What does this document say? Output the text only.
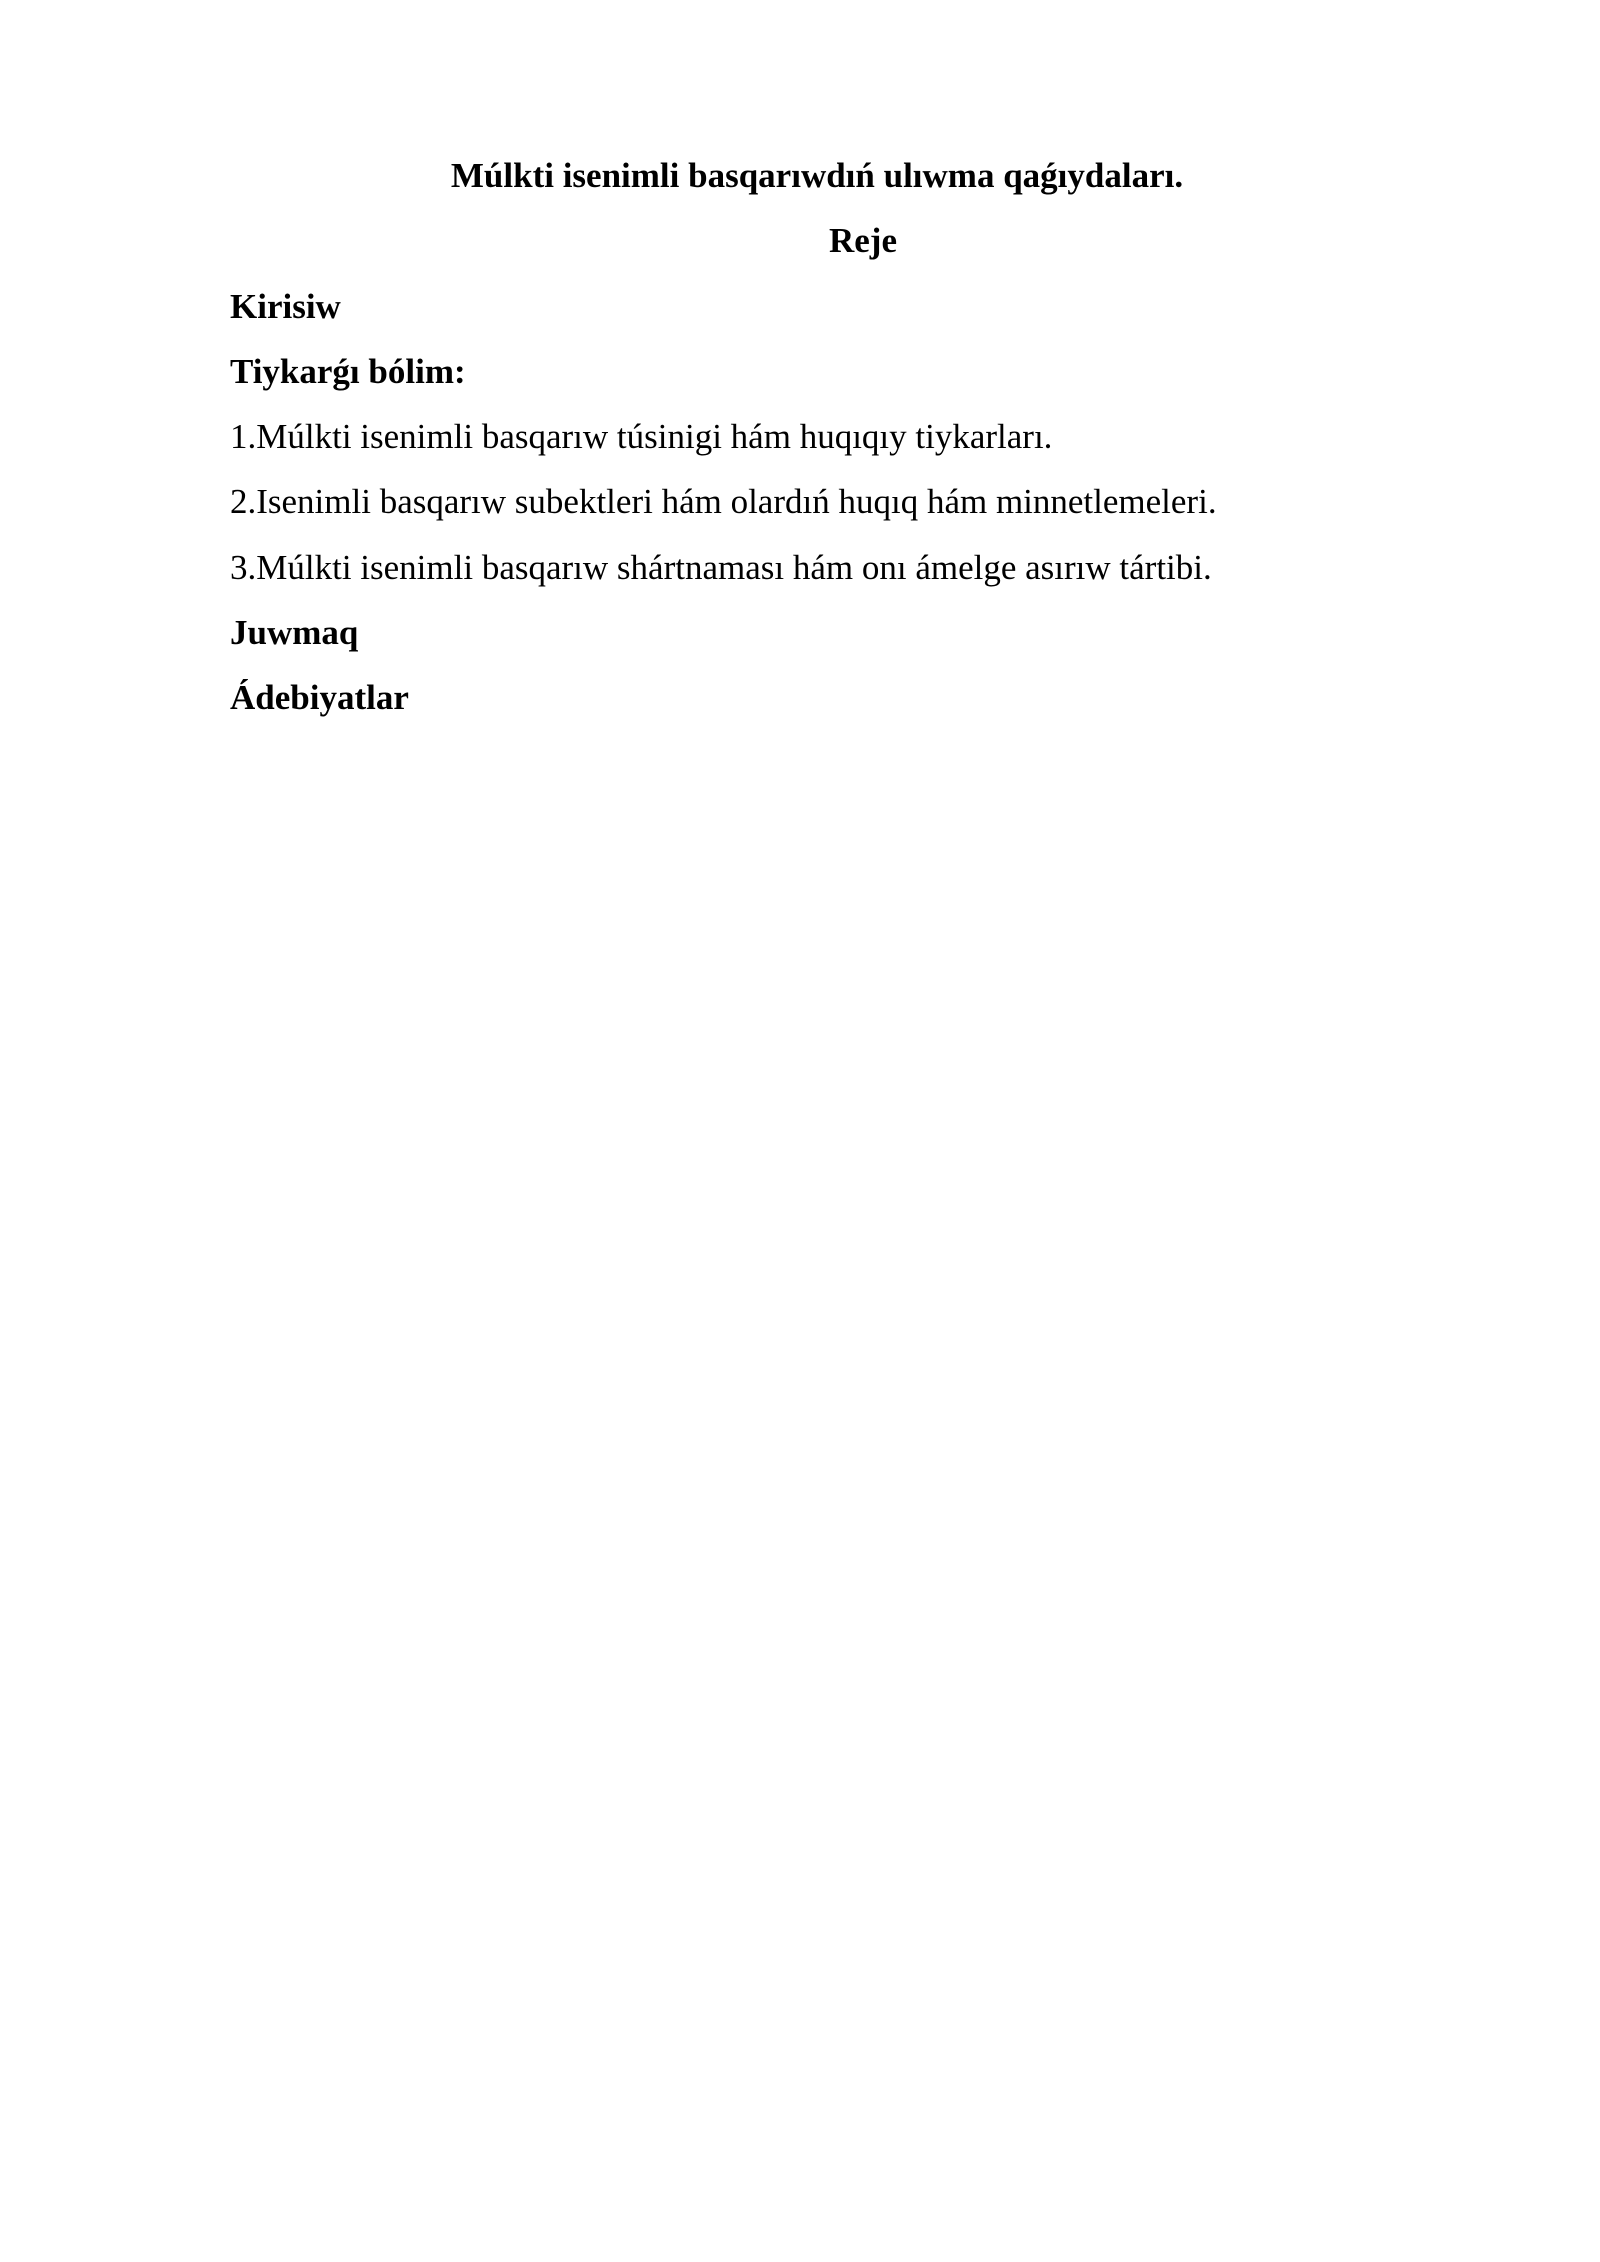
Múlkti isenimli basqarıwdıń ulıwma qaǵıydaları.
Reje

Kirisiw

Tiykarǵı bólim:

1.Múlkti isenimli basqarıw túsinigi hám huqıqıy tiykarları.

2.Isenimli basqarıw subektleri hám olardıń huqıq hám minnetlemeleri.

3.Múlkti isenimli basqarıw shártnaması hám onı ámelge asırıw tártibi.

Juwmaq

Ádebiyatlar
